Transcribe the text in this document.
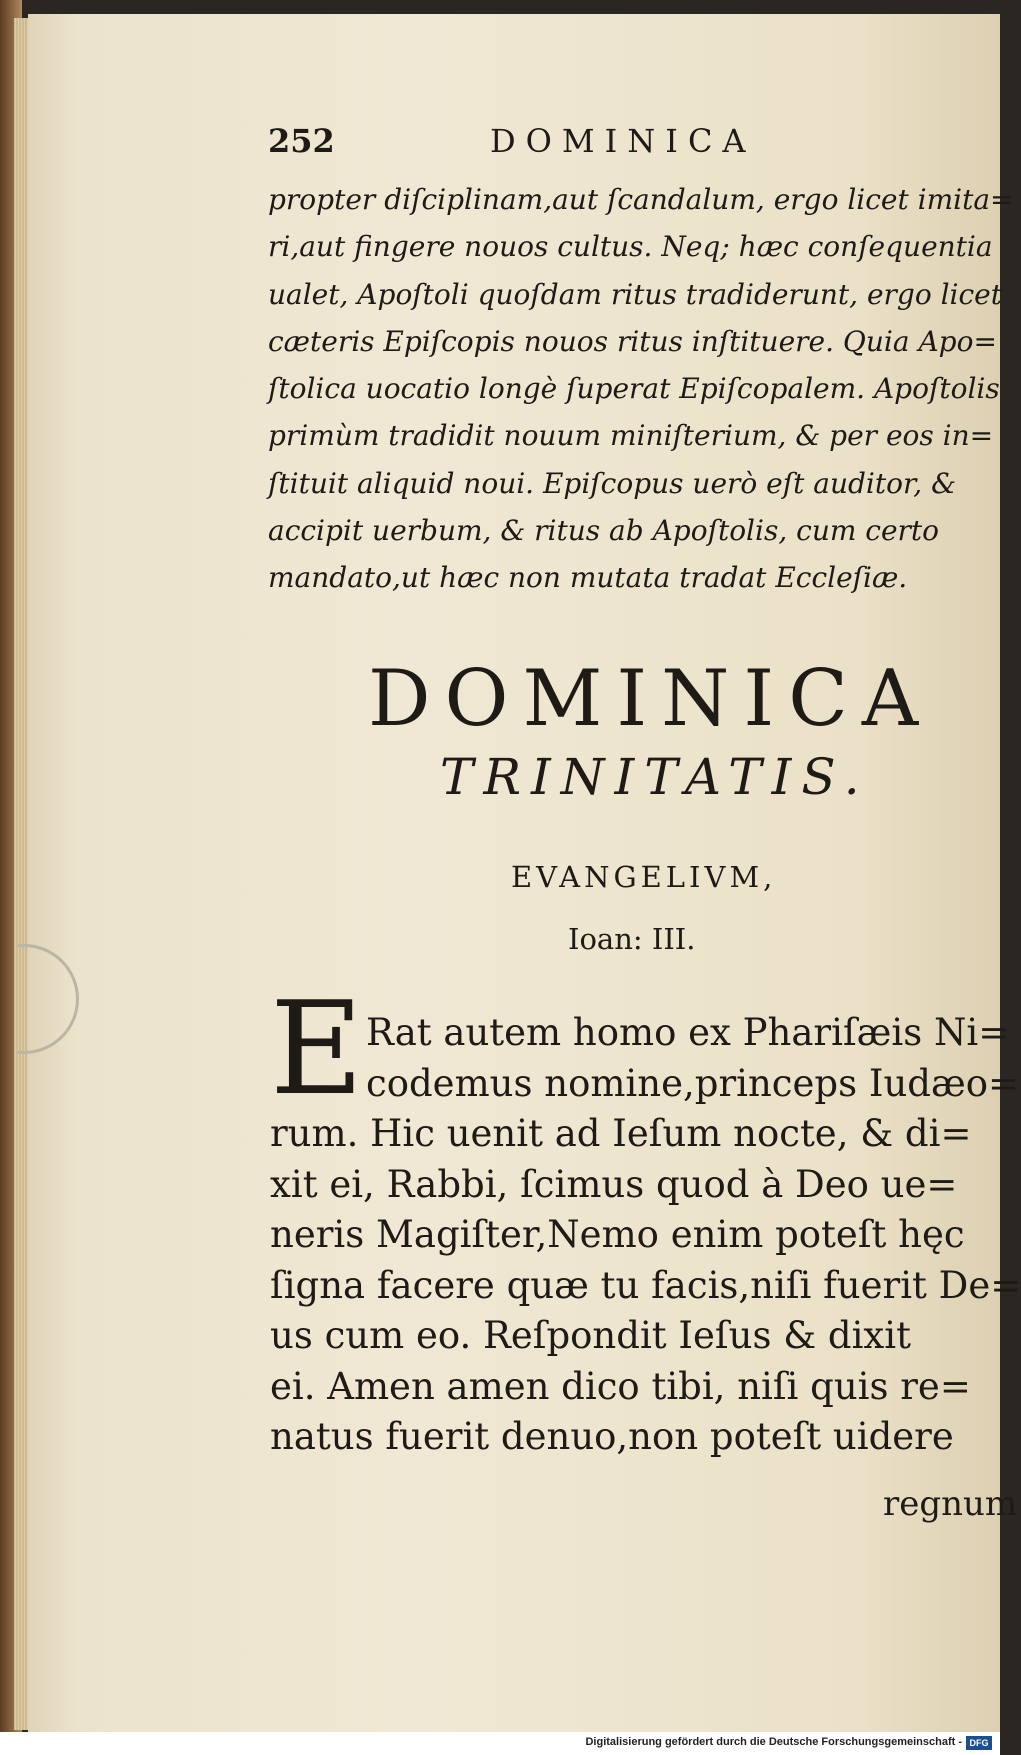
252	DOMINICA
propter diſciplinam,aut ſcandalum, ergo licet imita=
ri,aut fingere nouos cultus. Neq; hæc conſequentia
ualet, Apoſtoli quoſdam ritus tradiderunt, ergo licet
cæteris Epiſcopis nouos ritus inſtituere. Quia Apo=
ſtolica uocatio longè ſuperat Epiſcopalem. Apoſtolis
primùm tradidit nouum miniſterium, & per eos in=
ſtituit aliquid noui. Epiſcopus uerò eſt auditor, &
accipit uerbum, & ritus ab Apoſtolis, cum certo
mandato,ut hæc non mutata tradat Eccleſiæ.
DOMINICA
TRINITATIS.
EVANGELIVM,
Ioan: III.
E Rat autem homo ex Phariſæis Ni=
codemus nomine,princeps Iudæo=
rum. Hic uenit ad Ieſum nocte, & di=
xit ei, Rabbi, ſcimus quod à Deo ue=
neris Magiſter,Nemo enim poteſt hęc
ſigna facere quæ tu facis,niſi fuerit De=
us cum eo. Reſpondit Ieſus & dixit
ei. Amen amen dico tibi, niſi quis re=
natus fuerit denuo,non poteſt uidere
regnum
Digitalisierung gefördert durch die Deutsche Forschungsgemeinschaft - DFG
